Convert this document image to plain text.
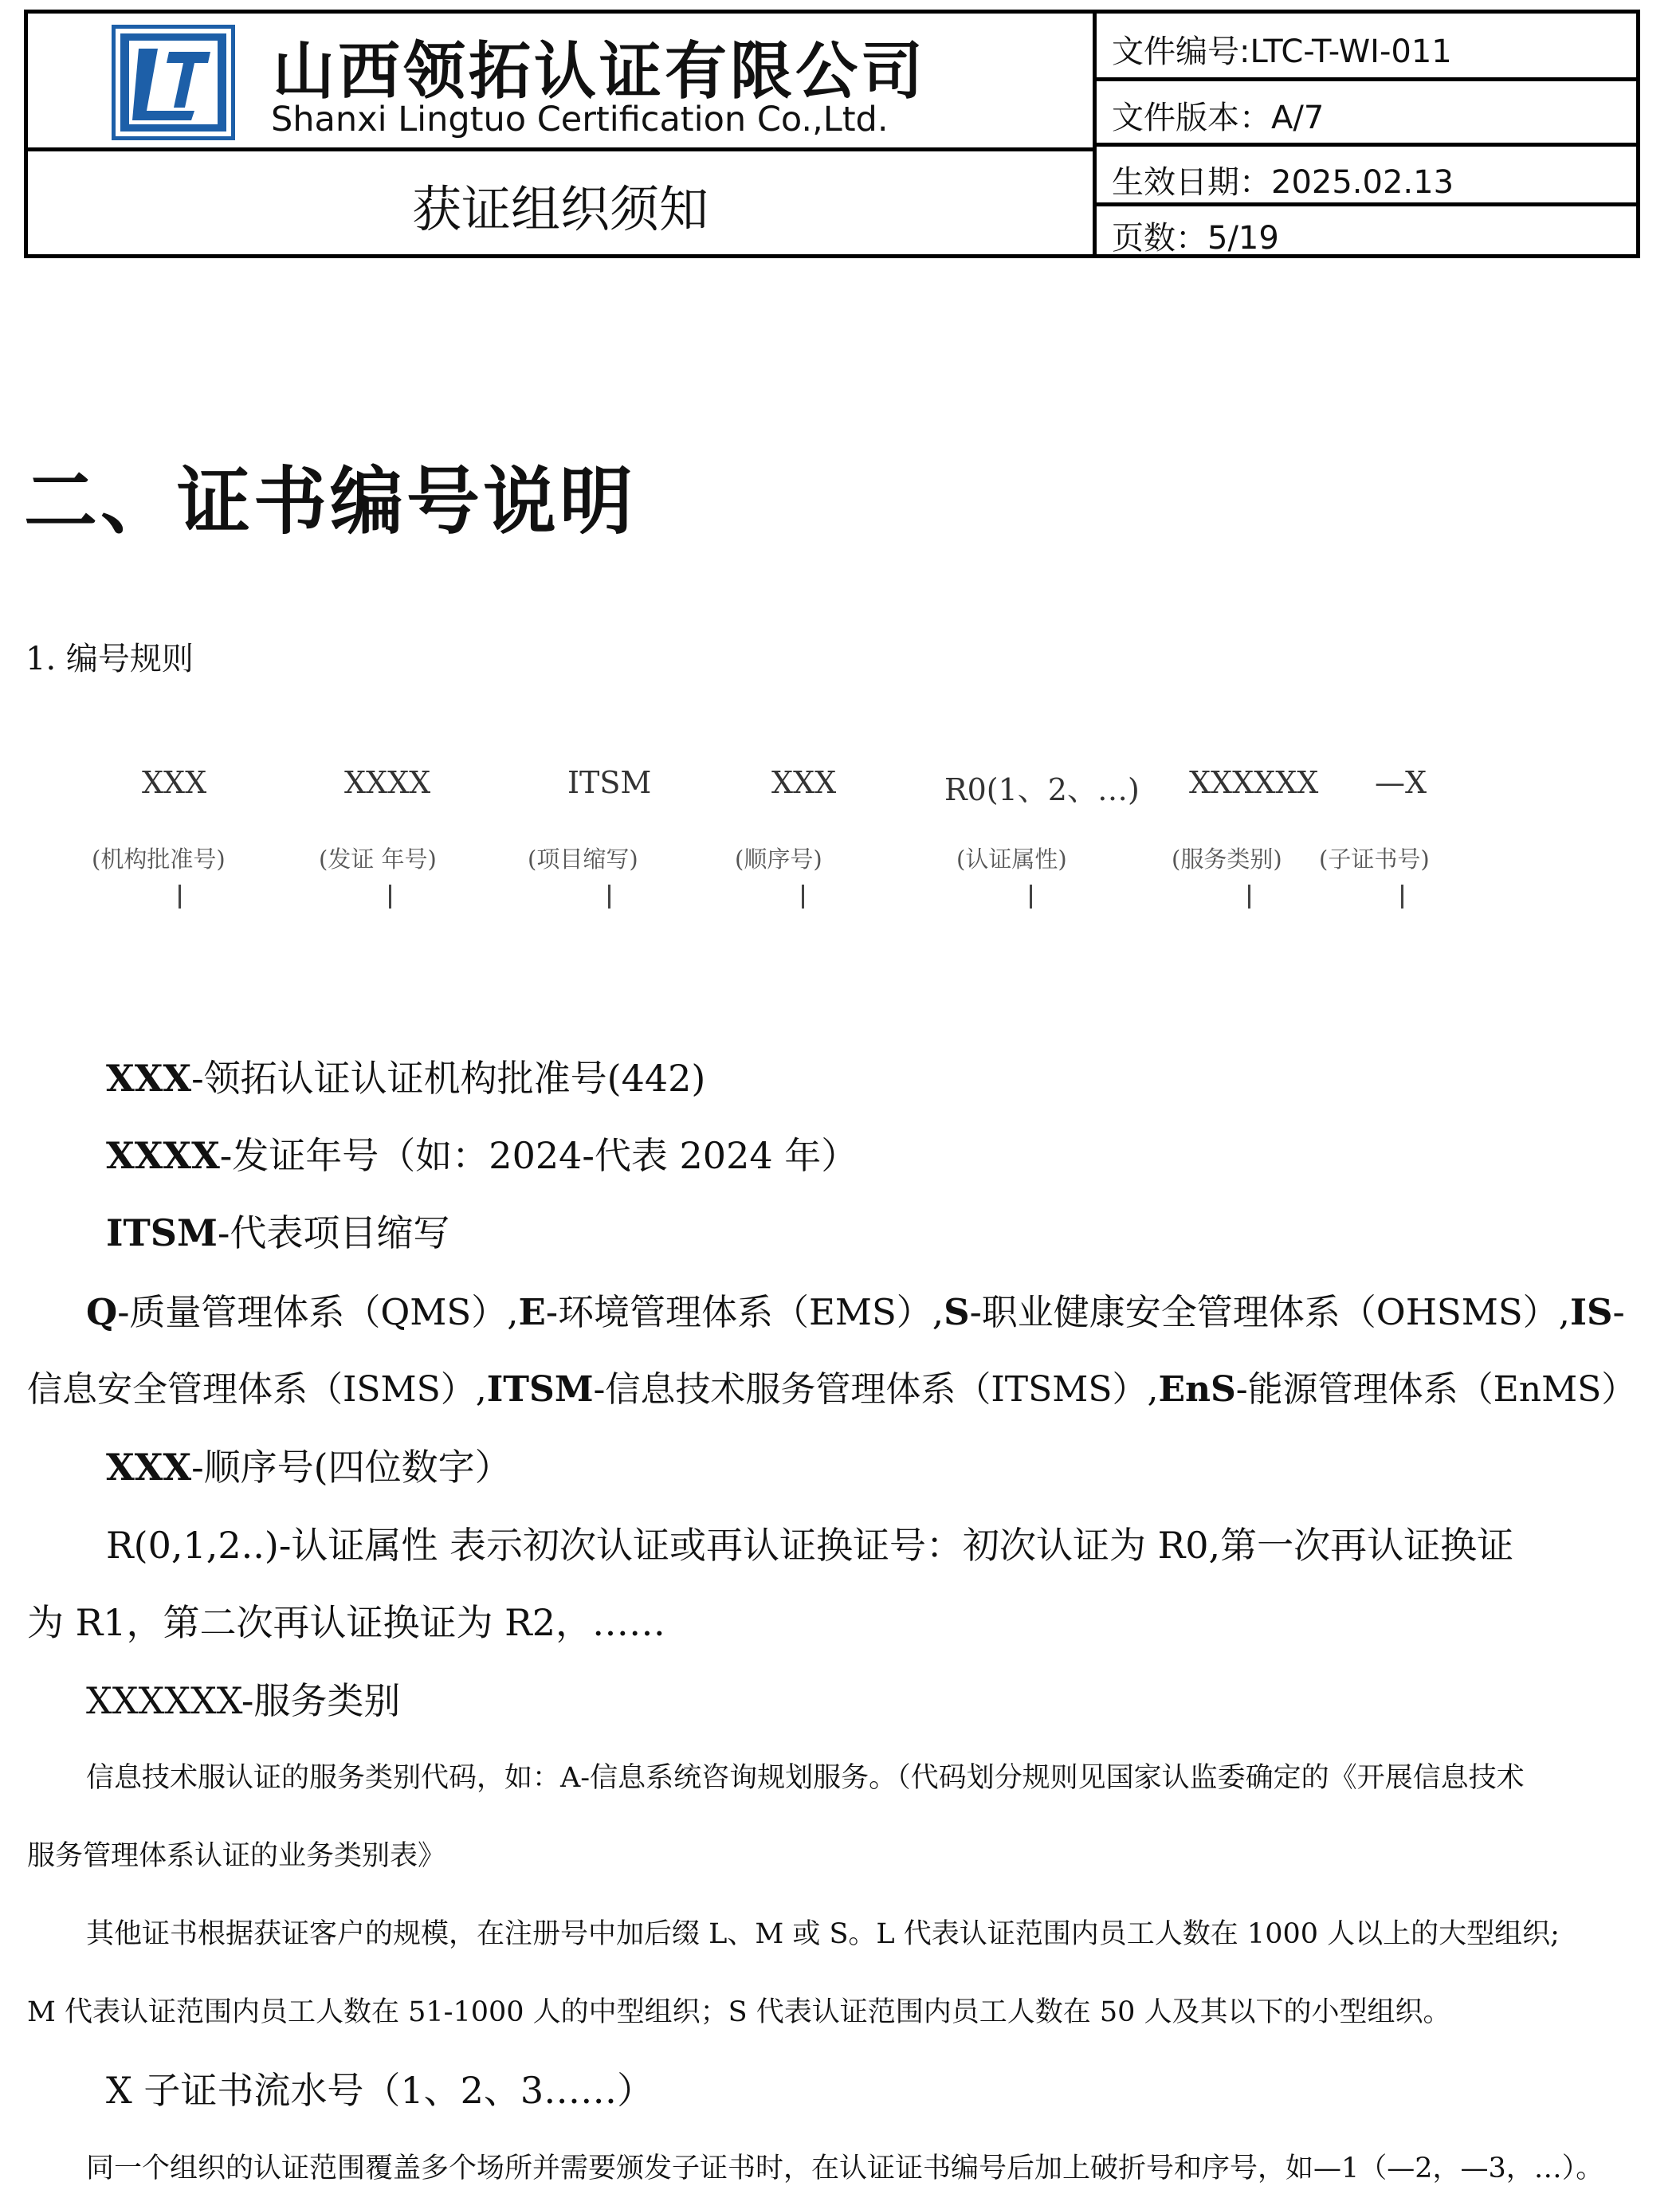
山西领拓认证有限公司
Shanxi Lingtuo Certification Co.,Ltd.
获证组织须知
文件编号:LTC-T-WI-011
文件版本：A/7
生效日期：2025.02.13
页数：5/19
二、证书编号说明
1. 编号规则
XXX	XXXX	ITSM	XXX	R0(1、2、…) XXXXXX —X
(机构批准号)	(发证 年号)	(项目缩写)	(顺序号)	(认证属性)	(服务类别) (子证书号)
XXX-领拓认证认证机构批准号(442)
XXXX-发证年号（如：2024-代表 2024 年）
ITSM-代表项目缩写
Q-质量管理体系（QMS）,E-环境管理体系（EMS）,S-职业健康安全管理体系（OHSMS）,IS-
信息安全管理体系（ISMS）,ITSM-信息技术服务管理体系（ITSMS）,EnS-能源管理体系（EnMS）
XXX-顺序号(四位数字）
R(0,1,2..)-认证属性 表示初次认证或再认证换证号：初次认证为 R0,第一次再认证换证
为 R1，第二次再认证换证为 R2，……
XXXXXX-服务类别
信息技术服认证的服务类别代码，如：A-信息系统咨询规划服务。（代码划分规则见国家认监委确定的《开展信息技术
服务管理体系认证的业务类别表》
其他证书根据获证客户的规模，在注册号中加后缀 L、M 或 S。L 代表认证范围内员工人数在 1000 人以上的大型组织;
M 代表认证范围内员工人数在 51-1000 人的中型组织；S 代表认证范围内员工人数在 50 人及其以下的小型组织。
X 子证书流水号（1、2、3……）
同一个组织的认证范围覆盖多个场所并需要颁发子证书时，在认证证书编号后加上破折号和序号，如—1（—2，—3，…）。
